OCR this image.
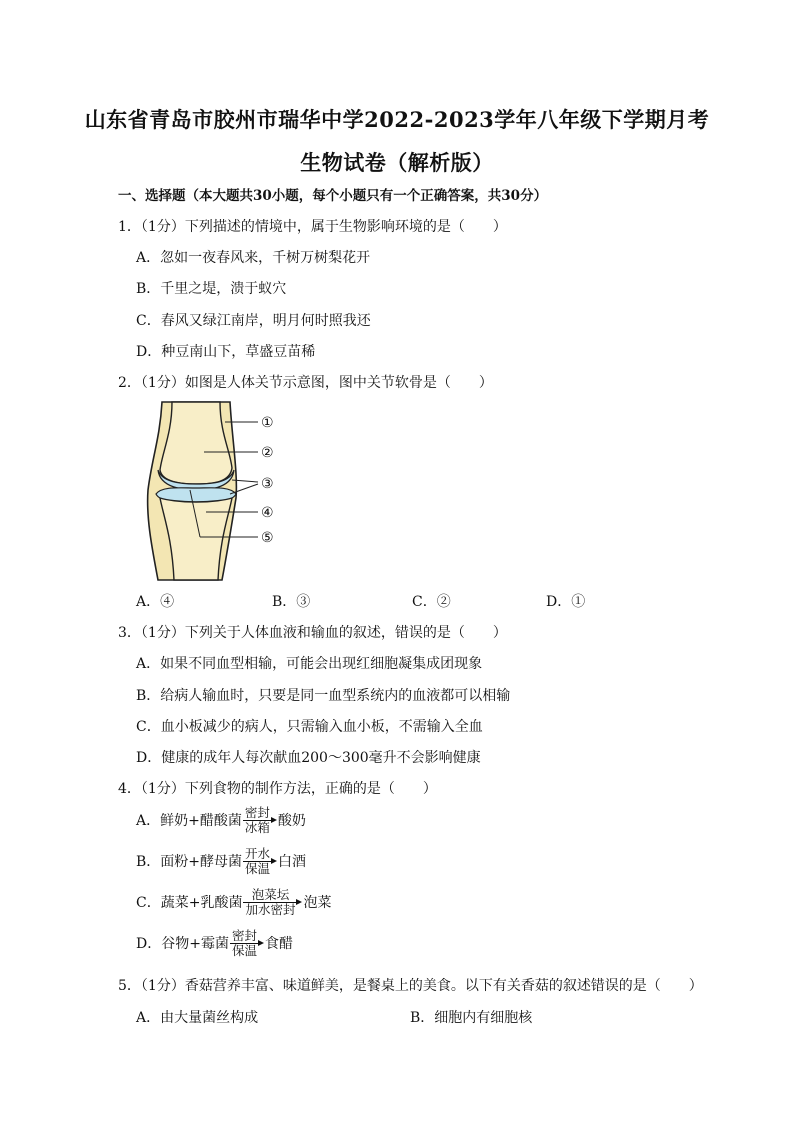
山东省青岛市胶州市瑞华中学2022-2023学年八年级下学期月考
生物试卷（解析版）
一、选择题（本大题共30小题，每个小题只有一个正确答案，共30分）
1．（1分）下列描述的情境中，属于生物影响环境的是（　　）
A．忽如一夜春风来，千树万树梨花开
B．千里之堤，溃于蚁穴
C．春风又绿江南岸，明月何时照我还
D．种豆南山下，草盛豆苗稀
2．（1分）如图是人体关节示意图，图中关节软骨是（　　）
①
②
③
④
⑤
A．④	B．③	C．②	D．①
3．（1分）下列关于人体血液和输血的叙述，错误的是（　　）
A．如果不同血型相输，可能会出现红细胞凝集成团现象
B．给病人输血时，只要是同一血型系统内的血液都可以相输
C．血小板减少的病人，只需输入血小板，不需输入全血
D．健康的成年人每次献血200～300毫升不会影响健康
4．（1分）下列食物的制作方法，正确的是（　　）
A．鲜奶+醋酸菌 $\frac{\text{密封}}{\text{冰箱}}$ 酸奶
B．面粉+酵母菌 $\frac{\text{开水}}{\text{保温}}$ 白酒
C．蔬菜+乳酸菌 $\frac{\text{泡菜坛}}{\text{加水密封}}$ 泡菜
D．谷物+霉菌 $\frac{\text{密封}}{\text{保温}}$ 食醋
5．（1分）香菇营养丰富、味道鲜美，是餐桌上的美食。以下有关香菇的叙述错误的是（　　）
A．由大量菌丝构成	B．细胞内有细胞核
